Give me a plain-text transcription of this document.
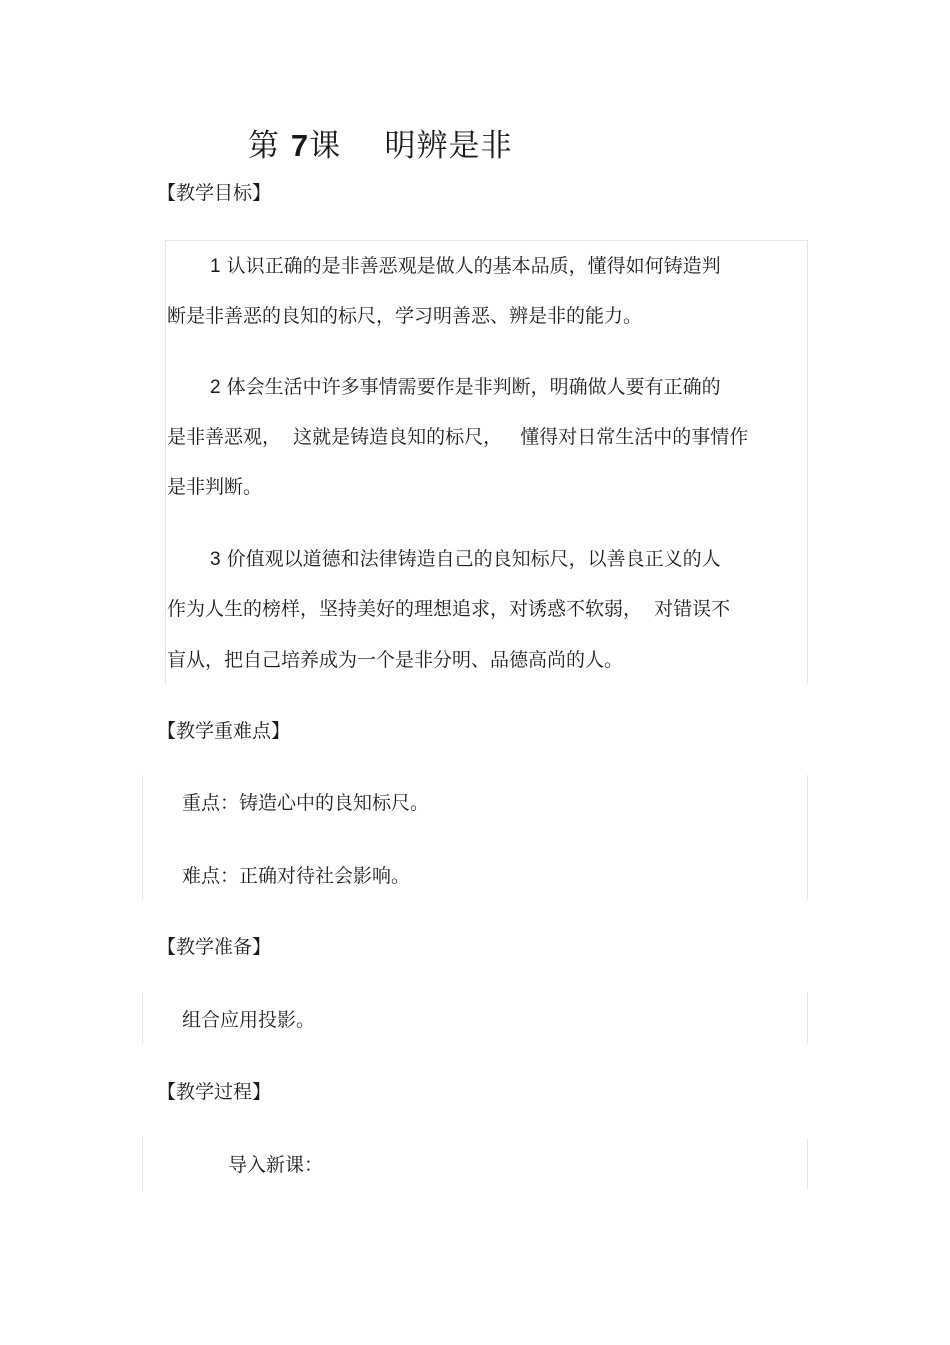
第 7课    明辨是非
【教学目标】
1 认识正确的是非善恶观是做人的基本品质，懂得如何铸造判
断是非善恶的良知的标尺，学习明善恶、辨是非的能力。
2 体会生活中许多事情需要作是非判断，明确做人要有正确的
是非善恶观，  这就是铸造良知的标尺，   懂得对日常生活中的事情作
是非判断。
3 价值观以道德和法律铸造自己的良知标尺，以善良正义的人
作为人生的榜样，坚持美好的理想追求，对诱惑不软弱，  对错误不
盲从，把自己培养成为一个是非分明、品德高尚的人。
【教学重难点】
重点：铸造心中的良知标尺。
难点：正确对待社会影响。
【教学准备】
组合应用投影。
【教学过程】
导入新课：
